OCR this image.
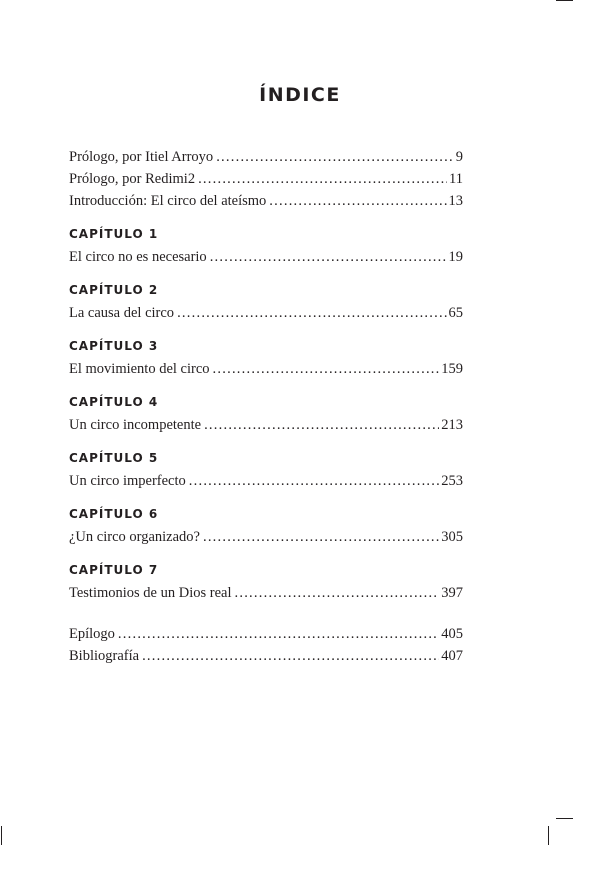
ÍNDICE
Prólogo, por Itiel Arroyo . . .	9
Prólogo, por Redimi2 . . .	11
Introducción: El circo del ateísmo . . .	13
CAPÍTULO 1
El circo no es necesario . . .	19
CAPÍTULO 2
La causa del circo . . .	65
CAPÍTULO 3
El movimiento del circo . . .	159
CAPÍTULO 4
Un circo incompetente . . .	213
CAPÍTULO 5
Un circo imperfecto . . .	253
CAPÍTULO 6
¿Un circo organizado? . . .	305
CAPÍTULO 7
Testimonios de un Dios real . . .	397
Epílogo . . .	405
Bibliografía . . .	407
